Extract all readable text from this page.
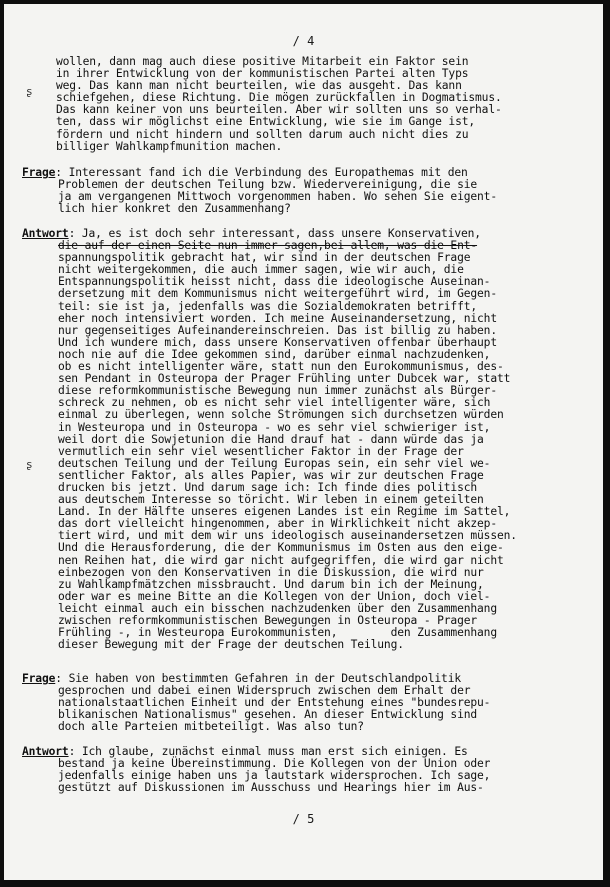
/ 4
ʂ
ʂ
wollen, dann mag auch diese positive Mitarbeit ein Faktor sein
in ihrer Entwicklung von der kommunistischen Partei alten Typs
weg. Das kann man nicht beurteilen, wie das ausgeht. Das kann
schiefgehen, diese Richtung. Die mögen zurückfallen in Dogmatismus.
Das kann keiner von uns beurteilen. Aber wir sollten uns so verhal-
ten, dass wir möglichst eine Entwicklung, wie sie im Gange ist,
fördern und nicht hindern und sollten darum auch nicht dies zu
billiger Wahlkampfmunition machen.
Frage: Interessant fand ich die Verbindung des Europathemas mit den
Problemen der deutschen Teilung bzw. Wiedervereinigung, die sie
ja am vergangenen Mittwoch vorgenommen haben. Wo sehen Sie eigent-
lich hier konkret den Zusammenhang?
Antwort: Ja, es ist doch sehr interessant, dass unsere Konservativen,
die auf der einen Seite nun immer sagen,bei allem, was die Ent-
spannungspolitik gebracht hat, wir sind in der deutschen Frage
nicht weitergekommen, die auch immer sagen, wie wir auch, die
Entspannungspolitik heisst nicht, dass die ideologische Auseinan-
dersetzung mit dem Kommunismus nicht weitergeführt wird, im Gegen-
teil: sie ist ja, jedenfalls was die Sozialdemokraten betrifft,
eher noch intensiviert worden. Ich meine Auseinandersetzung, nicht
nur gegenseitiges Aufeinandereinschreien. Das ist billig zu haben.
Und ich wundere mich, dass unsere Konservativen offenbar überhaupt
noch nie auf die Idee gekommen sind, darüber einmal nachzudenken,
ob es nicht intelligenter wäre, statt nun den Eurokommunismus, des-
sen Pendant in Osteuropa der Prager Frühling unter Dubcek war, statt
diese reformkommunistische Bewegung nun immer zunächst als Bürger-
schreck zu nehmen, ob es nicht sehr viel intelligenter wäre, sich
einmal zu überlegen, wenn solche Strömungen sich durchsetzen würden
in Westeuropa und in Osteuropa - wo es sehr viel schwieriger ist,
weil dort die Sowjetunion die Hand drauf hat - dann würde das ja
vermutlich ein sehr viel wesentlicher Faktor in der Frage der
deutschen Teilung und der Teilung Europas sein, ein sehr viel we-
sentlicher Faktor, als alles Papier, was wir zur deutschen Frage
drucken bis jetzt. Und darum sage ich: Ich finde dies politisch
aus deutschem Interesse so töricht. Wir leben in einem geteilten
Land. In der Hälfte unseres eigenen Landes ist ein Regime im Sattel,
das dort vielleicht hingenommen, aber in Wirklichkeit nicht akzep-
tiert wird, und mit dem wir uns ideologisch auseinandersetzen müssen.
Und die Herausforderung, die der Kommunismus im Osten aus den eige-
nen Reihen hat, die wird gar nicht aufgegriffen, die wird gar nicht
einbezogen von den Konservativen in die Diskussion, die wird nur
zu Wahlkampfmätzchen missbraucht. Und darum bin ich der Meinung,
oder war es meine Bitte an die Kollegen von der Union, doch viel-
leicht einmal auch ein bisschen nachzudenken über den Zusammenhang
zwischen reformkommunistischen Bewegungen in Osteuropa - Prager
Frühling -, in Westeuropa Eurokommunisten,        den Zusammenhang
dieser Bewegung mit der Frage der deutschen Teilung.
Frage: Sie haben von bestimmten Gefahren in der Deutschlandpolitik
gesprochen und dabei einen Widerspruch zwischen dem Erhalt der
nationalstaatlichen Einheit und der Entstehung eines "bundesrepu-
blikanischen Nationalismus" gesehen. An dieser Entwicklung sind
doch alle Parteien mitbeteiligt. Was also tun?
Antwort: Ich glaube, zunächst einmal muss man erst sich einigen. Es
bestand ja keine Übereinstimmung. Die Kollegen von der Union oder
jedenfalls einige haben uns ja lautstark widersprochen. Ich sage,
gestützt auf Diskussionen im Ausschuss und Hearings hier im Aus-
/ 5
